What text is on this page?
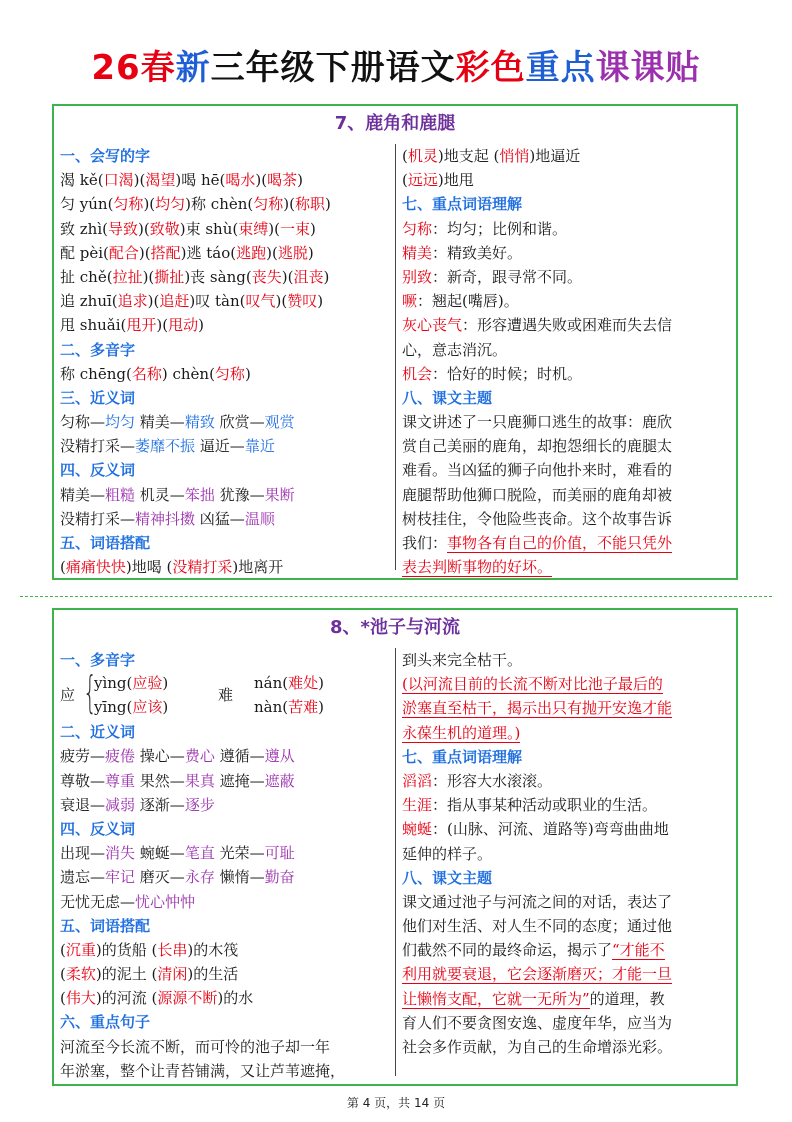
26春新三年级下册语文彩色重点课课贴
7、鹿角和鹿腿
一、会写的字
渴 kě(口渴)(渴望)喝 hē(喝水)(喝茶)
匀 yún(匀称)(均匀)称 chèn(匀称)(称职)
致 zhì(导致)(致敬)束 shù(束缚)(一束)
配 pèi(配合)(搭配)逃 táo(逃跑)(逃脱)
扯 chě(拉扯)(撕扯)丧 sàng(丧失)(沮丧)
追 zhuī(追求)(追赶)叹 tàn(叹气)(赞叹)
甩 shuǎi(甩开)(甩动)
二、多音字
称 chēng(名称) chèn(匀称)
三、近义词
匀称—均匀 精美—精致 欣赏—观赏
没精打采—萎靡不振 逼近—靠近
四、反义词
精美—粗糙 机灵—笨拙 犹豫—果断
没精打采—精神抖擞 凶猛—温顺
五、词语搭配
(痛痛快快)地喝 (没精打采)地离开
(机灵)地支起 (悄悄)地逼近
(远远)地甩
七、重点词语理解
匀称：均匀；比例和谐。
精美：精致美好。
别致：新奇，跟寻常不同。
噘：翘起(嘴唇)。
灰心丧气：形容遭遇失败或困难而失去信
心，意志消沉。
机会：恰好的时候；时机。
八、课文主题
课文讲述了一只鹿狮口逃生的故事：鹿欣
赏自己美丽的鹿角，却抱怨细长的鹿腿太
难看。当凶猛的狮子向他扑来时，难看的
鹿腿帮助他狮口脱险，而美丽的鹿角却被
树枝挂住，令他险些丧命。这个故事告诉
我们：事物各有自己的价值，不能只凭外
表去判断事物的好坏。
8、*池子与河流
一、多音字
应 {
yìng(应验)
yīng(应该)
难
nán(难处)
nàn(苦难)
二、近义词
疲劳—疲倦 操心—费心 遵循—遵从
尊敬—尊重 果然—果真 遮掩—遮蔽
衰退—减弱 逐渐—逐步
四、反义词
出现—消失 蜿蜒—笔直 光荣—可耻
遗忘—牢记 磨灭—永存 懒惰—勤奋
无忧无虑—忧心忡忡
五、词语搭配
(沉重)的货船 (长串)的木筏
(柔软)的泥土 (清闲)的生活
(伟大)的河流 (源源不断)的水
六、重点句子
河流至今长流不断，而可怜的池子却一年
年淤塞，整个让青苔铺满，又让芦苇遮掩，
到头来完全枯干。
(以河流目前的长流不断对比池子最后的
淤塞直至枯干，揭示出只有抛开安逸才能
永葆生机的道理。)
七、重点词语理解
滔滔：形容大水滚滚。
生涯：指从事某种活动或职业的生活。
蜿蜒：(山脉、河流、道路等)弯弯曲曲地
延伸的样子。
八、课文主题
课文通过池子与河流之间的对话，表达了
他们对生活、对人生不同的态度；通过他
们截然不同的最终命运，揭示了“才能不
利用就要衰退，它会逐渐磨灭；才能一旦
让懒惰支配，它就一无所为”的道理，教
育人们不要贪图安逸、虚度年华，应当为
社会多作贡献，为自己的生命增添光彩。
第 4 页，共 14 页
